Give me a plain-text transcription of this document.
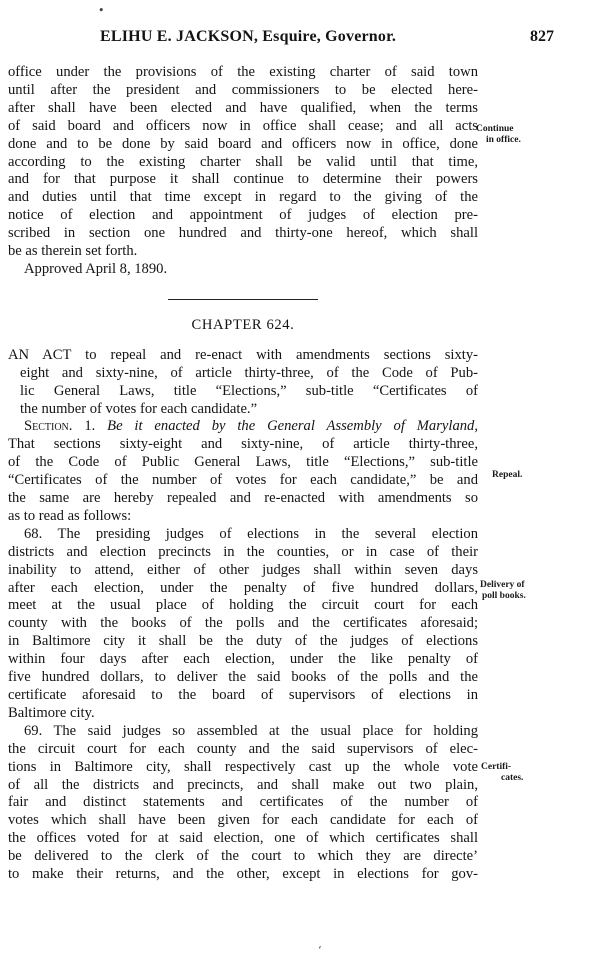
•
ELIHU E. JACKSON, Esquire, Governor.	827
office under the provisions of the existing charter of said town
until after the president and commissioners to be elected here-
after shall have been elected and have qualified, when the terms
of said board and officers now in office shall cease; and all acts
done and to be done by said board and officers now in office, done
according to the existing charter shall be valid until that time,
and for that purpose it shall continue to determine their powers
and duties until that time except in regard to the giving of the
notice of election and appointment of judges of election pre-
scribed in section one hundred and thirty-one hereof, which shall
be as therein set forth.
Approved April 8, 1890.
CHAPTER 624.
AN ACT to repeal and re-enact with amendments sections sixty-
eight and sixty-nine, of article thirty-three, of the Code of Pub-
lic General Laws, title “Elections,” sub-title “Certificates of
the number of votes for each candidate.”
Section. 1. Be it enacted by the General Assembly of Maryland,
That sections sixty-eight and sixty-nine, of article thirty-three,
of the Code of Public General Laws, title “Elections,” sub-title
“Certificates of the number of votes for each candidate,” be and
the same are hereby repealed and re-enacted with amendments so
as to read as follows:
68. The presiding judges of elections in the several election
districts and election precincts in the counties, or in case of their
inability to attend, either of other judges shall within seven days
after each election, under the penalty of five hundred dollars,
meet at the usual place of holding the circuit court for each
county with the books of the polls and the certificates aforesaid;
in Baltimore city it shall be the duty of the judges of elections
within four days after each election, under the like penalty of
five hundred dollars, to deliver the said books of the polls and the
certificate aforesaid to the board of supervisors of elections in
Baltimore city.
69. The said judges so assembled at the usual place for holding
the circuit court for each county and the said supervisors of elec-
tions in Baltimore city, shall respectively cast up the whole vote
of all the districts and precincts, and shall make out two plain,
fair and distinct statements and certificates of the number of
votes which shall have been given for each candidate for each of
the offices voted for at said election, one of which certificates shall
be delivered to the clerk of the court to which they are directe’
to make their returns, and the other, except in elections for gov-
Continue
in office.
Repeal.
Delivery of
poll books.
Certifi-
cates.
ʻ
